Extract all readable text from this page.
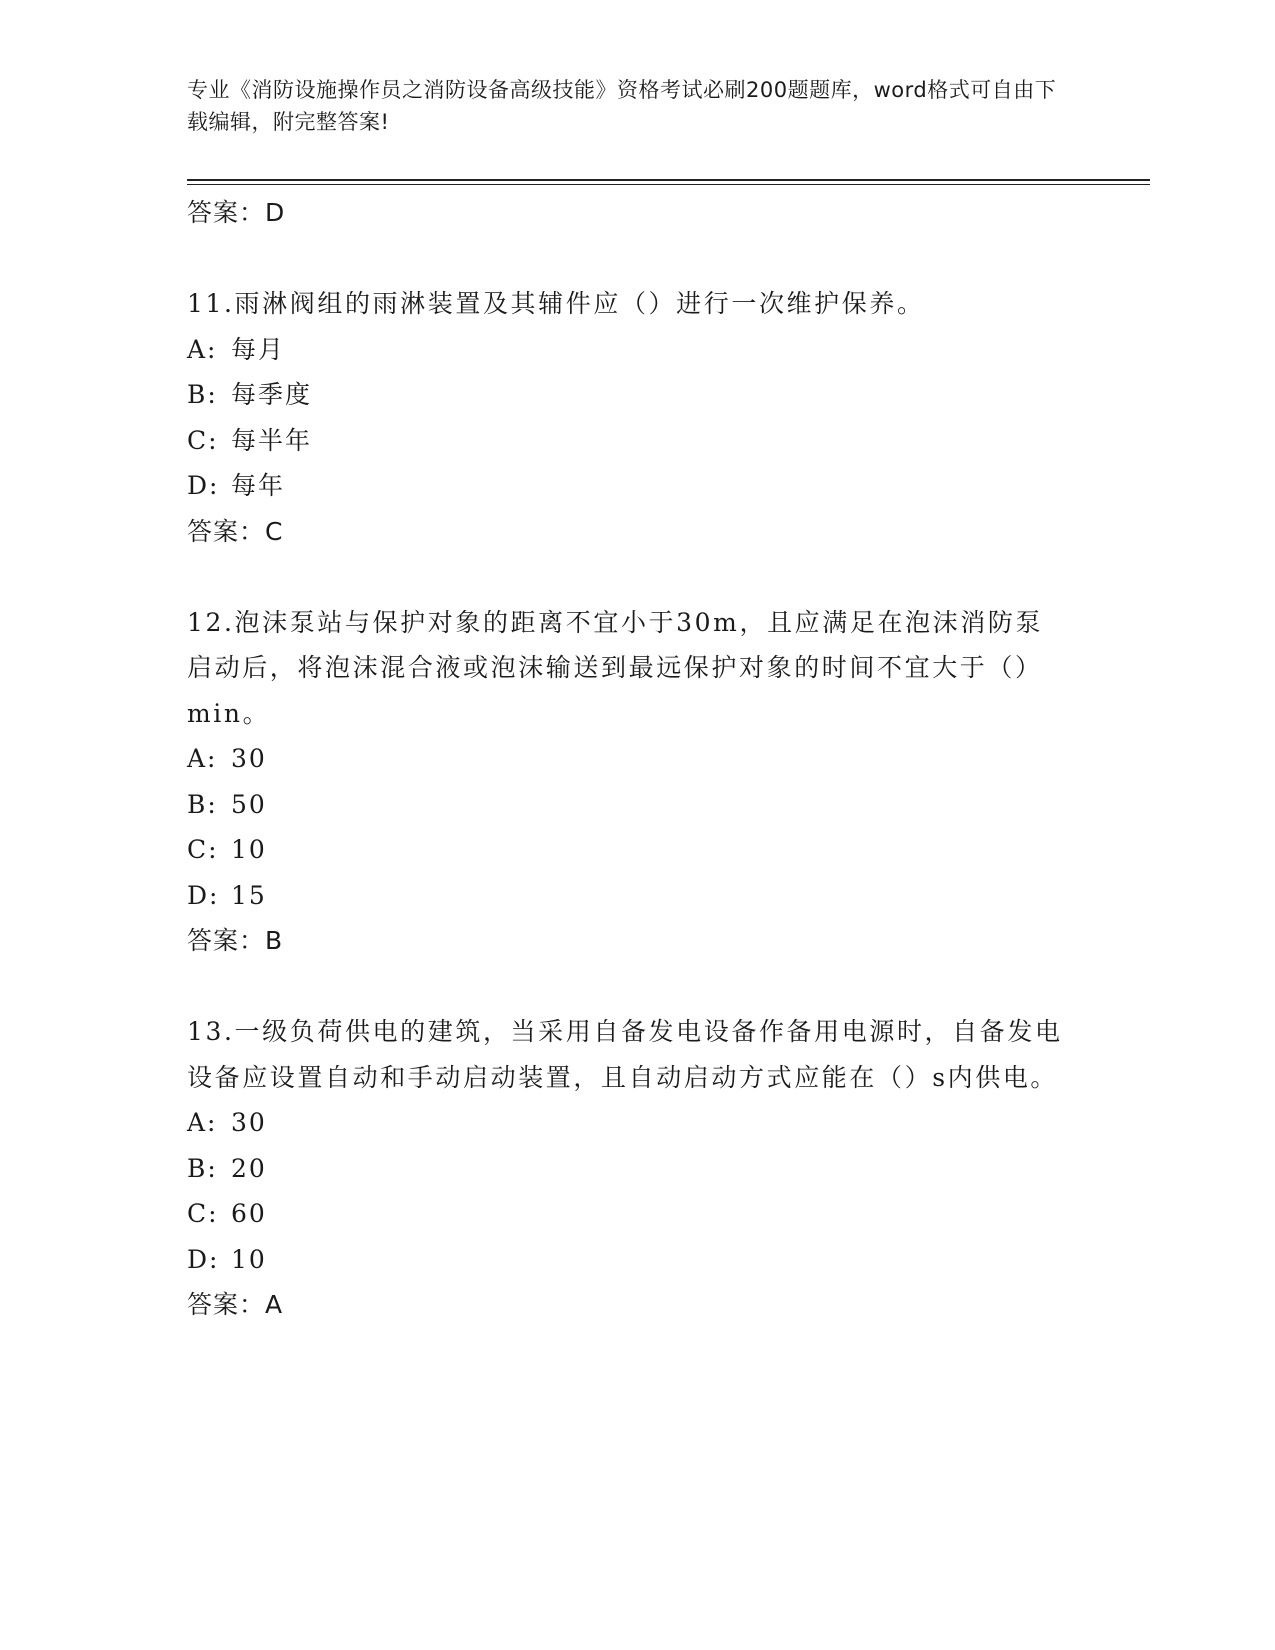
专业《消防设施操作员之消防设备高级技能》资格考试必刷200题题库，word格式可自由下载编辑，附完整答案!
答案：D
11.雨淋阀组的雨淋装置及其辅件应（）进行一次维护保养。
A: 每月
B: 每季度
C: 每半年
D: 每年
答案：C
12.泡沫泵站与保护对象的距离不宜小于30m，且应满足在泡沫消防泵启动后，将泡沫混合液或泡沫输送到最远保护对象的时间不宜大于（）min。
A: 30
B: 50
C: 10
D: 15
答案：B
13.一级负荷供电的建筑，当采用自备发电设备作备用电源时，自备发电设备应设置自动和手动启动装置，且自动启动方式应能在（）s内供电。
A: 30
B: 20
C: 60
D: 10
答案：A
